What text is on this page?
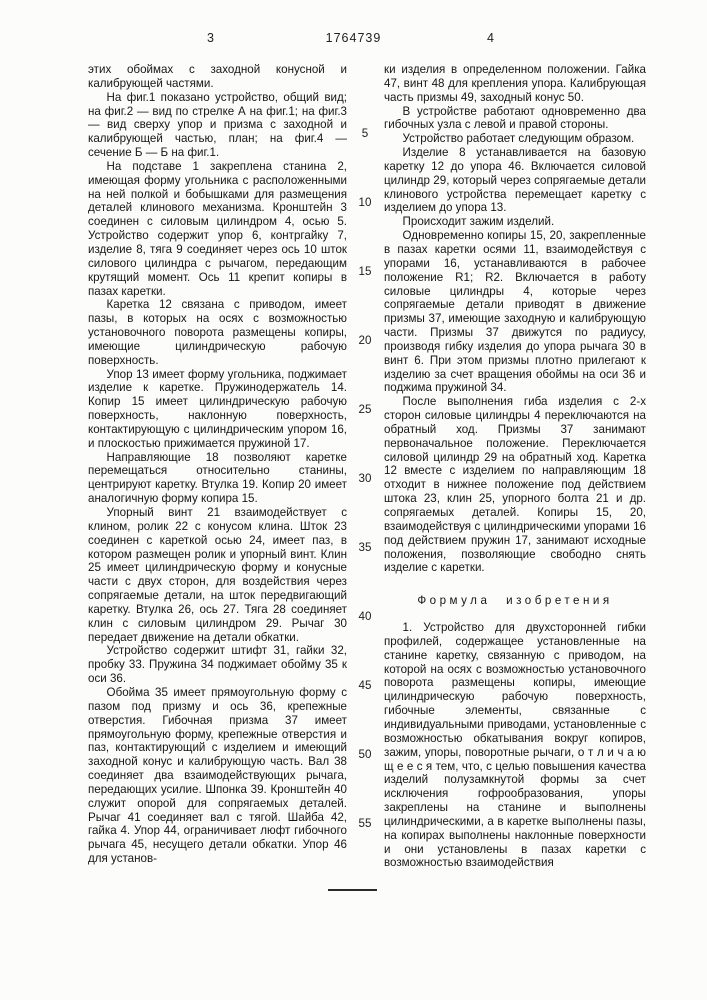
3	1764739	4

этих обоймах с заходной конусной и калибрующей частями.

На фиг.1 показано устройство, общий вид; на фиг.2 — вид по стрелке А на фиг.1; на фиг.3 — вид сверху упор и призма с заходной и калибрующей частью, план; на фиг.4 — сечение Б — Б на фиг.1.

На подставе 1 закреплена станина 2, имеющая форму угольника с расположенными на ней полкой и бобышками для размещения деталей клинового механизма. Кронштейн 3 соединен с силовым цилиндром 4, осью 5. Устройство содержит упор 6, контргайку 7, изделие 8, тяга 9 соединяет через ось 10 шток силового цилиндра с рычагом, передающим крутящий момент. Ось 11 крепит копиры в пазах каретки.

Каретка 12 связана с приводом, имеет пазы, в которых на осях с возможностью установочного поворота размещены копиры, имеющие цилиндрическую рабочую поверхность.

Упор 13 имеет форму угольника, поджимает изделие к каретке. Пружинодержатель 14. Копир 15 имеет цилиндрическую рабочую поверхность, наклонную поверхность, контактирующую с цилиндрическим упором 16, и плоскостью прижимается пружиной 17.

Направляющие 18 позволяют каретке перемещаться относительно станины, центрируют каретку. Втулка 19. Копир 20 имеет аналогичную форму копира 15.

Упорный винт 21 взаимодействует с клином, ролик 22 с конусом клина. Шток 23 соединен с кареткой осью 24, имеет паз, в котором размещен ролик и упорный винт. Клин 25 имеет цилиндрическую форму и конусные части с двух сторон, для воздействия через сопрягаемые детали, на шток передвигающий каретку. Втулка 26, ось 27. Тяга 28 соединяет клин с силовым цилиндром 29. Рычаг 30 передает движение на детали обкатки.

Устройство содержит штифт 31, гайки 32, пробку 33. Пружина 34 поджимает обойму 35 к оси 36.

Обойма 35 имеет прямоугольную форму с пазом под призму и ось 36, крепежные отверстия. Гибочная призма 37 имеет прямоугольную форму, крепежные отверстия и паз, контактирующий с изделием и имеющий заходной конус и калибрующую часть. Вал 38 соединяет два взаимодействующих рычага, передающих усилие. Шпонка 39. Кронштейн 40 служит опорой для сопрягаемых деталей. Рычаг 41 соединяет вал с тягой. Шайба 42, гайка 4. Упор 44, ограничивает люфт гибочного рычага 45, несущего детали обкатки. Упор 46 для установ-

ки изделия в определенном положении. Гайка 47, винт 48 для крепления упора. Калибрующая часть призмы 49, заходный конус 50.

В устройстве работают одновременно два гибочных узла с левой и правой стороны.

Устройство работает следующим образом.

Изделие 8 устанавливается на базовую каретку 12 до упора 46. Включается силовой цилиндр 29, который через сопрягаемые детали клинового устройства перемещает каретку с изделием до упора 13.

Происходит зажим изделий.

Одновременно копиры 15, 20, закрепленные в пазах каретки осями 11, взаимодействуя с упорами 16, устанавливаются в рабочее положение R1; R2. Включается в работу силовые цилиндры 4, которые через сопрягаемые детали приводят в движение призмы 37, имеющие заходную и калибрующую части. Призмы 37 движутся по радиусу, производя гибку изделия до упора рычага 30 в винт 6. При этом призмы плотно прилегают к изделию за счет вращения обоймы на оси 36 и поджима пружиной 34.

После выполнения гиба изделия с 2-х сторон силовые цилиндры 4 переключаются на обратный ход. Призмы 37 занимают первоначальное положение. Переключается силовой цилиндр 29 на обратный ход. Каретка 12 вместе с изделием по направляющим 18 отходит в нижнее положение под действием штока 23, клин 25, упорного болта 21 и др. сопрягаемых деталей. Копиры 15, 20, взаимодействуя с цилиндрическими упорами 16 под действием пружин 17, занимают исходные положения, позволяющие свободно снять изделие с каретки.

Формула изобретения

1. Устройство для двухсторонней гибки профилей, содержащее установленные на станине каретку, связанную с приводом, на которой на осях с возможностью установочного поворота размещены копиры, имеющие цилиндрическую рабочую поверхность, гибочные элементы, связанные с индивидуальными приводами, установленные с возможностью обкатывания вокруг копиров, зажим, упоры, поворотные рычаги, о т л и ч а ю щ е е с я тем, что, с целью повышения качества изделий полузамкнутой формы за счет исключения гофрообразования, упоры закреплены на станине и выполнены цилиндрическими, а в каретке выполнены пазы, на копирах выполнены наклонные поверхности и они установлены в пазах каретки с возможностью взаимодействия

5
10
15
20
25
30
35
40
45
50
55
